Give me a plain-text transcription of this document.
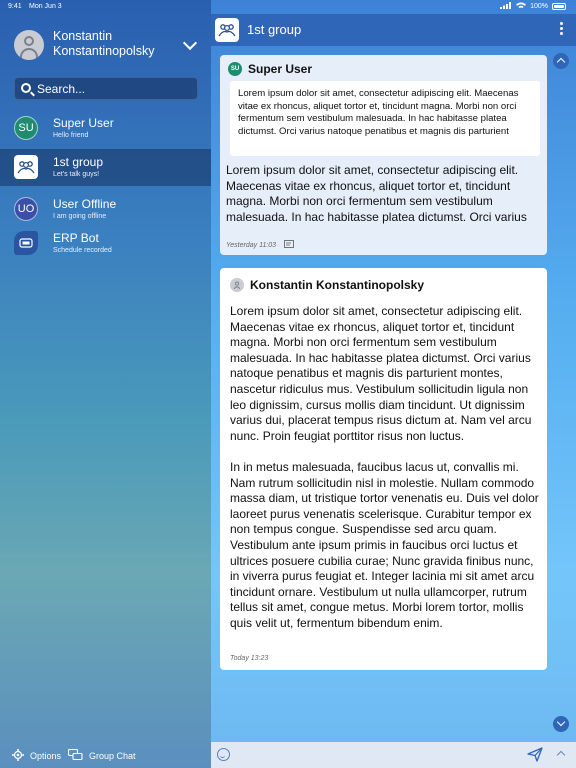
9:41 Mon Jun 3	100%
Konstantin Konstantinopolsky
Search...
SU	Super User
Hello friend
1st group
Let's talk guys!
UO	User Offline
I am going offline
ERP Bot
Schedule recorded
Options	Group Chat
1st group
SU Super User
Lorem ipsum dolor sit amet, consectetur adipiscing elit. Maecenas vitae ex rhoncus, aliquet tortor et, tincidunt magna. Morbi non orci fermentum sem vestibulum malesuada. In hac habitasse platea dictumst. Orci varius natoque penatibus et magnis dis parturient
Lorem ipsum dolor sit amet, consectetur adipiscing elit. Maecenas vitae ex rhoncus, aliquet tortor et, tincidunt magna. Morbi non orci fermentum sem vestibulum malesuada. In hac habitasse platea dictumst. Orci varius
Yesterday 11:03
Konstantin Konstantinopolsky

Lorem ipsum dolor sit amet, consectetur adipiscing elit. Maecenas vitae ex rhoncus, aliquet tortor et, tincidunt magna. Morbi non orci fermentum sem vestibulum malesuada. In hac habitasse platea dictumst. Orci varius natoque penatibus et magnis dis parturient montes, nascetur ridiculus mus. Vestibulum sollicitudin ligula non leo dignissim, cursus mollis diam tincidunt. Ut dignissim varius dui, placerat tempus risus dictum at. Nam vel arcu nunc. Proin feugiat porttitor risus non luctus.

In in metus malesuada, faucibus lacus ut, convallis mi. Nam rutrum sollicitudin nisl in molestie. Nullam commodo massa diam, ut tristique tortor venenatis eu. Duis vel dolor laoreet purus venenatis scelerisque. Curabitur tempor ex non tempus congue. Suspendisse sed arcu quam. Vestibulum ante ipsum primis in faucibus orci luctus et ultrices posuere cubilia curae; Nunc gravida finibus nunc, in viverra purus feugiat et. Integer lacinia mi sit amet arcu tincidunt ornare. Vestibulum ut nulla ullamcorper, rutrum tellus sit amet, congue metus. Morbi lorem tortor, mollis quis velit ut, fermentum bibendum enim.

Today 13:23
